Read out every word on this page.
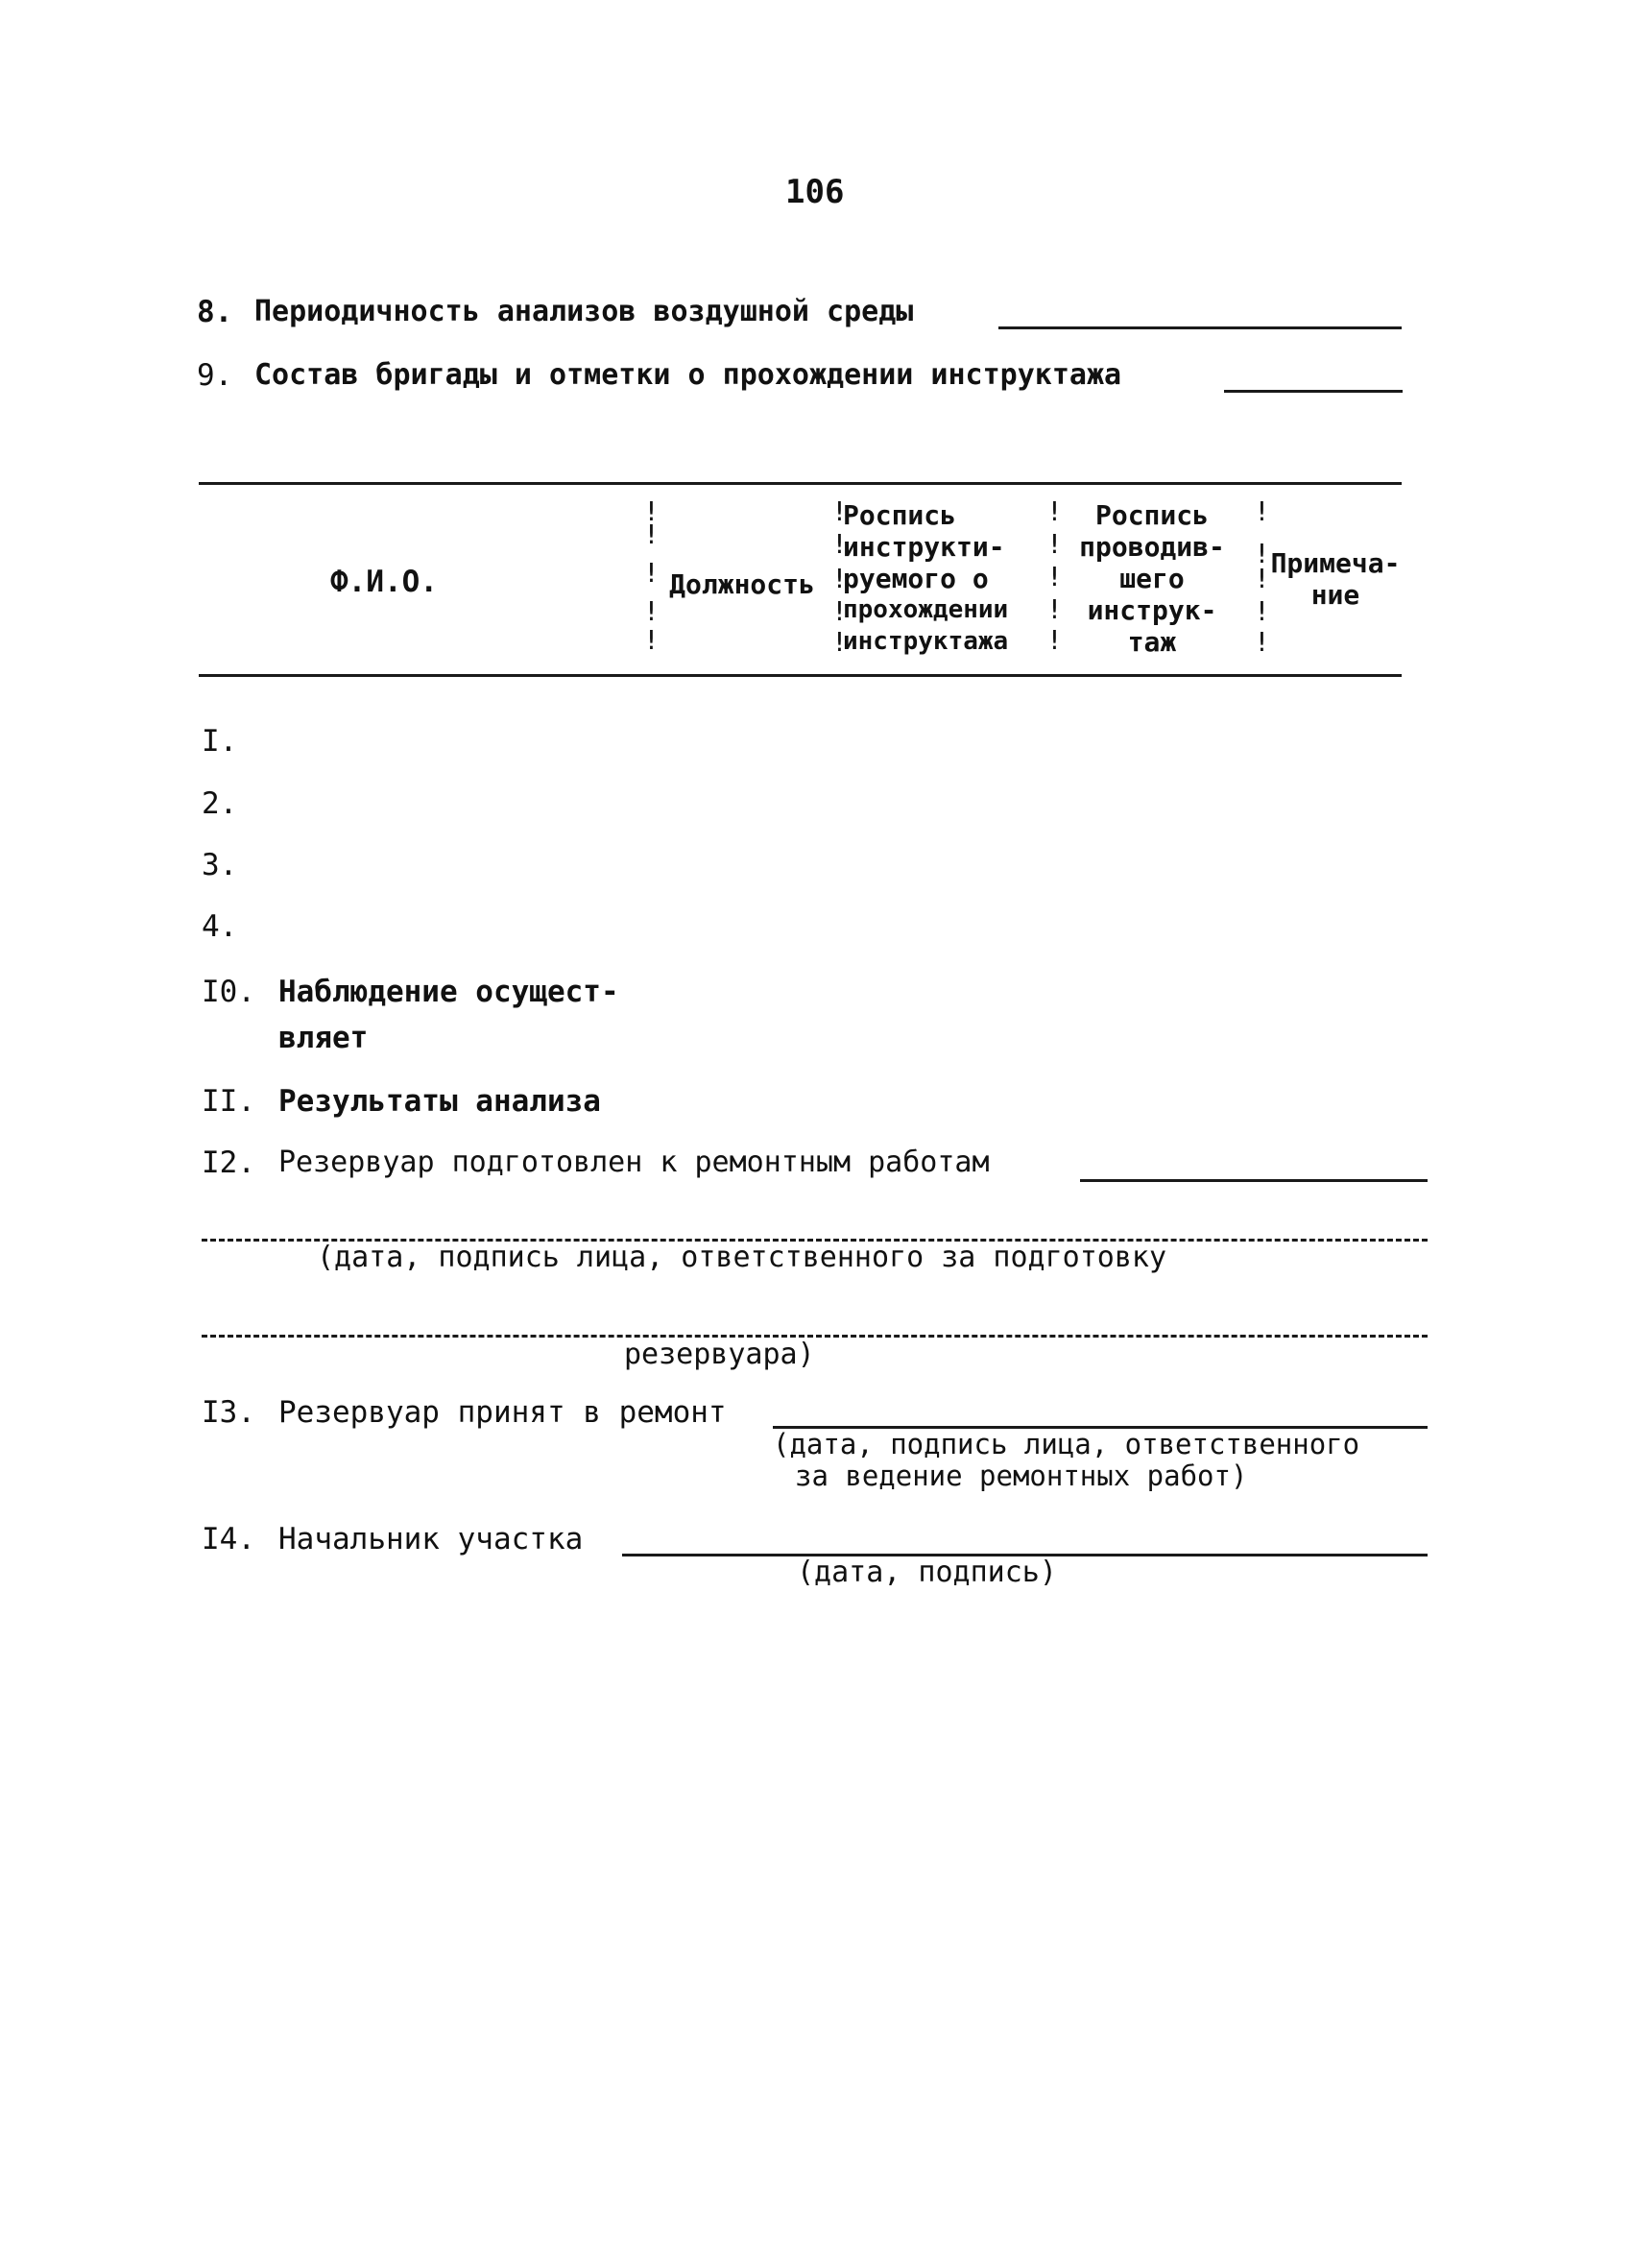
106
8. Периодичность анализов воздушной среды
9. Состав бригады и отметки о прохождении инструктажа
Ф.И.О.
!
!
!
!
!
Должность
!
!
!
!
!
Роспись
инструкти-
руемого о
прохождении
инструктажа
!
!
!
!
!
Роспись
проводив-
шего
инструк-
таж
!
!
!
!
!
Примеча-
ние
I.
2.
3.
4.
I0. Наблюдение осущест-
вляет
II. Результаты анализа
I2. Резервуар подготовлен к ремонтным работам
(дата, подпись лица, ответственного за подготовку
резервуара)
I3. Резервуар принят в ремонт
(дата, подпись лица, ответственного
за ведение ремонтных работ)
I4. Начальник участка
(дата, подпись)
